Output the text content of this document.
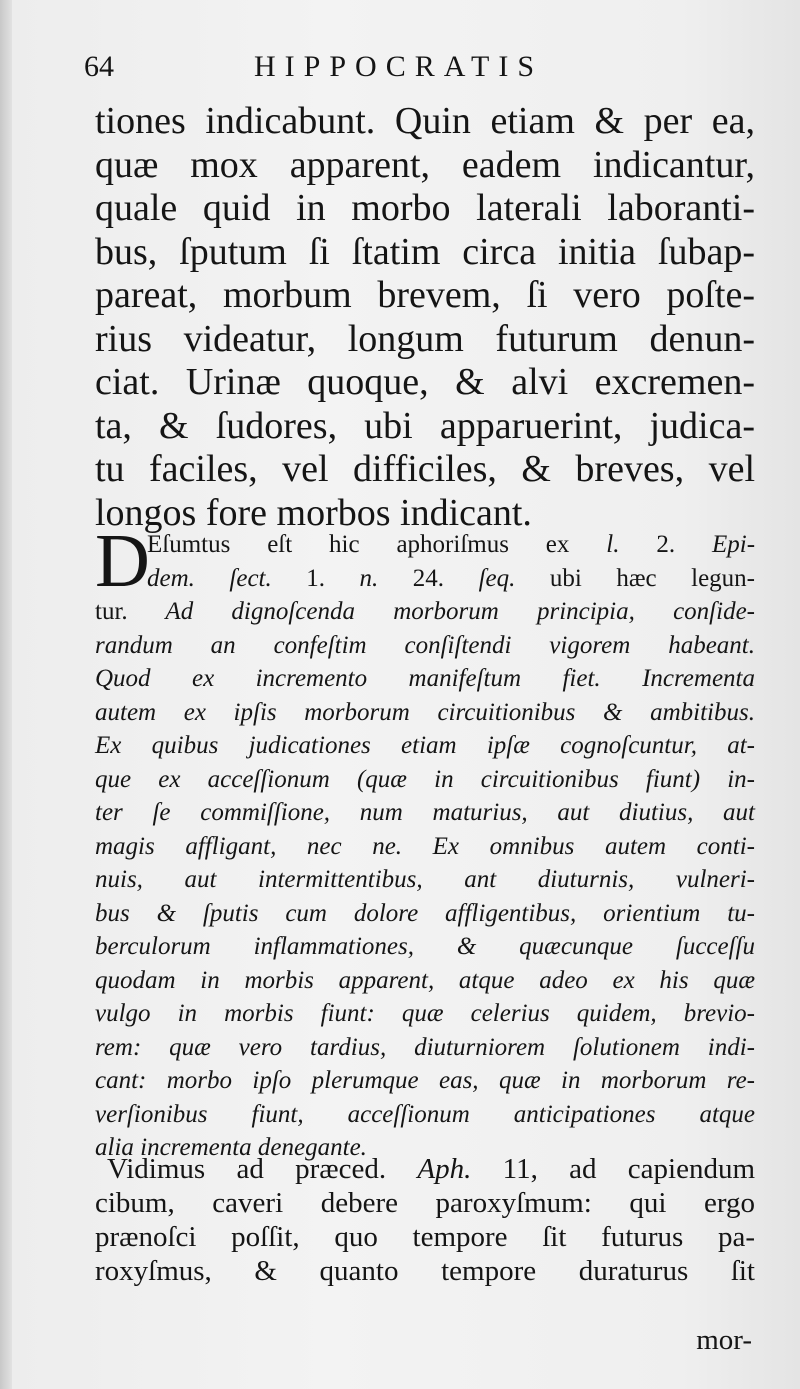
64	HIPPOCRATIS
tiones indicabunt. Quin etiam & per ea,
quæ mox apparent, eadem indicantur,
quale quid in morbo laterali laboranti-
bus, ſputum ſi ſtatim circa initia ſubap-
pareat, morbum brevem, ſi vero poſte-
rius videatur, longum futurum denun-
ciat. Urinæ quoque, & alvi excremen-
ta, & ſudores, ubi apparuerint, judica-
tu faciles, vel difficiles, & breves, vel
longos fore morbos indicant.
D
Eſumtus eſt hic aphoriſmus ex l. 2. Epi-
dem. ſect. 1. n. 24. ſeq. ubi hæc legun-
tur. Ad dignoſcenda morborum principia, conſide-
randum an confeſtim conſiſtendi vigorem habeant.
Quod ex incremento manifeſtum fiet. Incrementa
autem ex ipſis morborum circuitionibus & ambitibus.
Ex quibus judicationes etiam ipſæ cognoſcuntur, at-
que ex acceſſionum (quæ in circuitionibus fiunt) in-
ter ſe commiſſione, num maturius, aut diutius, aut
magis affligant, nec ne. Ex omnibus autem conti-
nuis, aut intermittentibus, ant diuturnis, vulneri-
bus & ſputis cum dolore affligentibus, orientium tu-
berculorum inflammationes, & quæcunque ſucceſſu
quodam in morbis apparent, atque adeo ex his quæ
vulgo in morbis fiunt: quæ celerius quidem, brevio-
rem: quæ vero tardius, diuturniorem ſolutionem indi-
cant: morbo ipſo plerumque eas, quæ in morborum re-
verſionibus fiunt, acceſſionum anticipationes atque
alia incrementa denegante.
Vidimus ad præced. Aph. 11, ad capiendum
cibum, caveri debere paroxyſmum: qui ergo
prænoſci poſſit, quo tempore ſit futurus pa-
roxyſmus, & quanto tempore duraturus ſit
mor-
